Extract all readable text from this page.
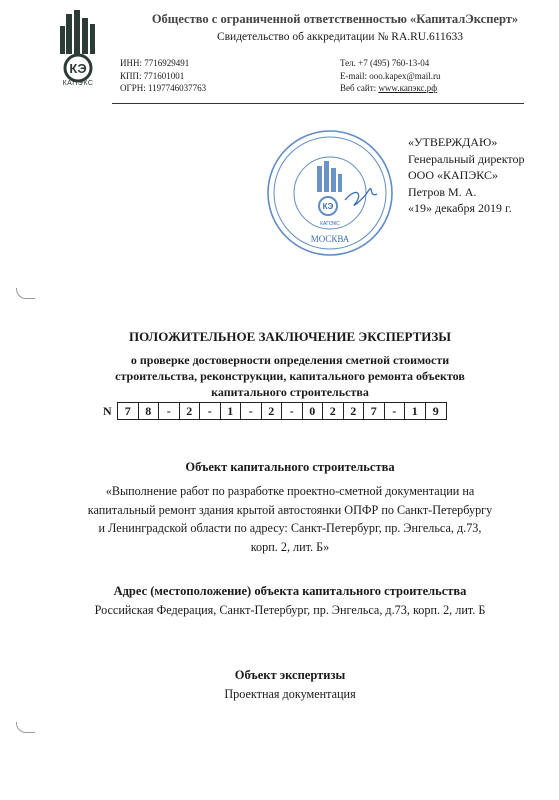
КЭ
КАПЭКС
Общество с ограниченной ответственностью «КапиталЭксперт»
Свидетельство об аккредитации № RA.RU.611633
ИНН: 7716929491
КПП: 771601001
ОГРН: 1197746037763
Тел. +7 (495) 760-13-04
E-mail: ooo.kapex@mail.ru
Веб сайт: www.капэкс.рф
КЭ
КАПЭКС
МОСКВА
«УТВЕРЖДАЮ»
Генеральный директор
ООО «КАПЭКС»
Петров М. А.
«19» декабря 2019 г.
ПОЛОЖИТЕЛЬНОЕ ЗАКЛЮЧЕНИЕ ЭКСПЕРТИЗЫ
о проверке достоверности определения сметной стоимости
строительства, реконструкции, капитального ремонта объектов
капитального строительства
N	7	8	-	2	-	1	-	2	-	0	2	2	7	-	1	9
Объект капитального строительства
«Выполнение работ по разработке проектно-сметной документации на
капитальный ремонт здания крытой автостоянки ОПФР по Санкт-Петербургу
и Ленинградской области по адресу: Санкт-Петербург, пр. Энгельса, д.73,
корп. 2, лит. Б»
Адрес (местоположение) объекта капитального строительства
Российская Федерация, Санкт-Петербург, пр. Энгельса, д.73, корп. 2, лит. Б
Объект экспертизы
Проектная документация
